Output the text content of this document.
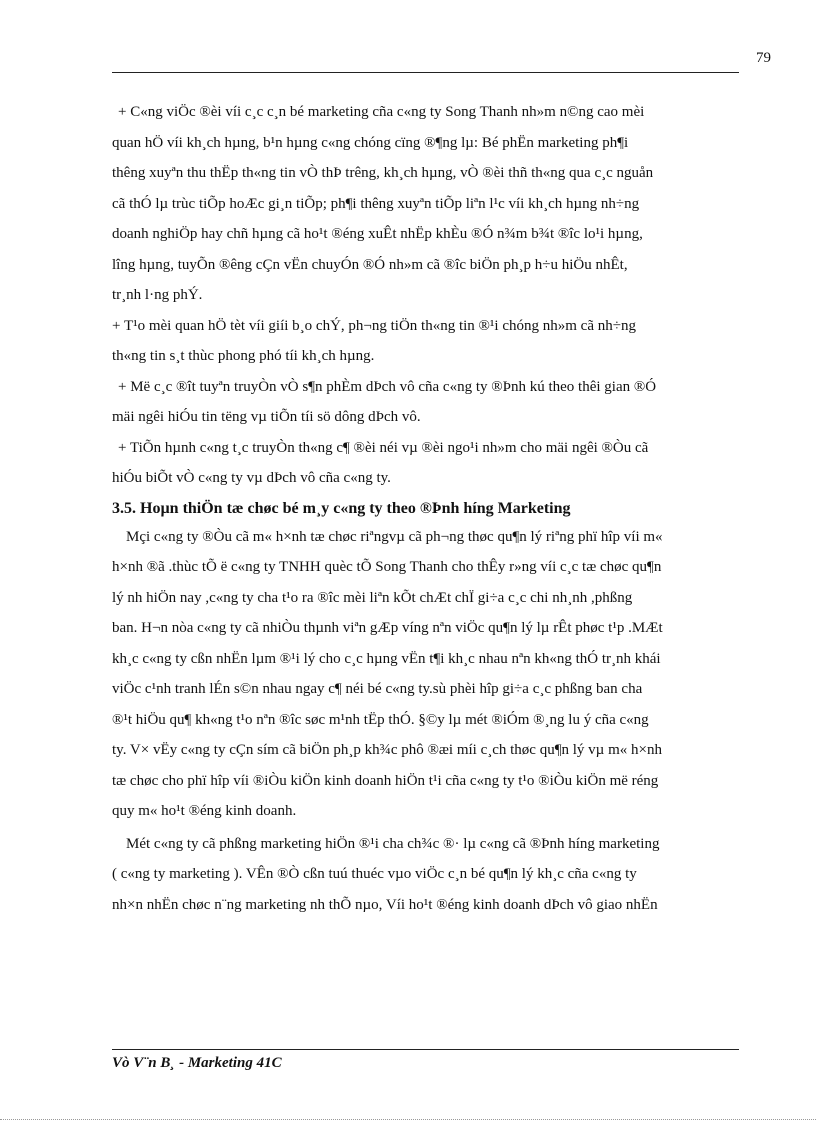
79

+ C«ng viÖc ®èi víi c¸c c¸n bé marketing cña c«ng ty Song Thanh nh»m n©ng cao mèi

quan hÖ víi kh¸ch hµng, b¹n hµng c«ng chóng cïng ®¶ng lµ: Bé phËn marketing ph¶i

thêng xuyªn thu thËp th«ng tin vÒ thÞ trêng, kh¸ch hµng, vÒ ®èi thñ th«ng qua c¸c nguån

cã thÓ lµ trùc tiÕp hoÆc gi¸n tiÕp; ph¶i thêng xuyªn tiÕp liªn l¹c víi kh¸ch hµng nh÷ng

doanh nghiÖp hay chñ hµng cã ho¹t ®éng xuÊt nhËp khÈu ®Ó n¾m b¾t ®îc lo¹i hµng,

lîng hµng, tuyÕn ®êng cÇn vËn chuyÓn ®Ó nh»m cã ®îc biÖn ph¸p h÷u hiÖu nhÊt,

tr¸nh l·ng phÝ.

+ T¹o mèi quan hÖ tèt víi giíi b¸o chÝ, ph¬ng tiÖn th«ng tin ®¹i chóng nh»m cã nh÷ng

th«ng tin s¸t thùc phong phó tíi kh¸ch hµng.

+ Më c¸c ®ît tuyªn truyÒn vÒ s¶n phÈm dÞch vô cña c«ng ty ®Þnh kú theo thêi gian ®Ó

mäi ngêi hiÓu tin tëng vµ tiÕn tíi sö dông dÞch vô.

+ TiÕn hµnh c«ng t¸c truyÒn th«ng c¶ ®èi néi vµ ®èi ngo¹i nh»m cho mäi ngêi ®Òu cã

hiÓu biÕt vÒ c«ng ty vµ dÞch vô cña c«ng ty.

3.5. Hoµn thiÖn tæ chøc bé m¸y c«ng ty theo ®Þnh híng Marketing

Mçi c«ng ty ®Òu cã m« h×nh tæ chøc riªngvµ cã ph¬ng thøc qu¶n lý riªng phï hîp víi m«

h×nh ®ã .thùc tÕ ë c«ng ty TNHH quèc tÕ Song Thanh cho thÊy r»ng víi c¸c tæ chøc qu¶n

lý nh hiÖn nay ,c«ng ty cha t¹o ra ®îc mèi liªn kÕt chÆt chÏ gi÷a c¸c chi nh¸nh ,phßng

ban. H¬n nòa c«ng ty cã nhiÒu thµnh viªn gÆp víng nªn viÖc qu¶n lý lµ rÊt phøc t¹p .MÆt

kh¸c c«ng ty cßn nhËn lµm ®¹i lý cho c¸c hµng vËn t¶i kh¸c nhau nªn kh«ng thÓ tr¸nh khái

viÖc c¹nh tranh lÉn s©n nhau ngay c¶ néi bé c«ng ty.sù phèi hîp gi÷a c¸c phßng ban cha

®¹t hiÖu qu¶ kh«ng t¹o nªn ®îc søc m¹nh tËp thÓ. §©y lµ mét ®iÓm ®¸ng lu ý cña c«ng

ty. V× vËy c«ng ty cÇn sím cã biÖn ph¸p kh¾c phô ®æi míi c¸ch thøc qu¶n lý vµ m« h×nh

tæ chøc cho phï hîp víi ®iÒu kiÖn kinh doanh hiÖn t¹i cña c«ng ty t¹o ®iÒu kiÖn më réng

quy m« ho¹t ®éng kinh doanh.

Mét c«ng ty cã phßng marketing hiÖn ®¹i cha ch¾c ®· lµ c«ng cã ®Þnh híng marketing

( c«ng ty marketing ). VÊn ®Ò cßn tuú thuéc vµo viÖc c¸n bé qu¶n lý kh¸c cña c«ng ty

nh×n nhËn chøc n¨ng marketing nh thÕ nµo, Víi ho¹t ®éng kinh doanh dÞch vô giao nhËn

Vò V¨n B¸ - Marketing 41C
